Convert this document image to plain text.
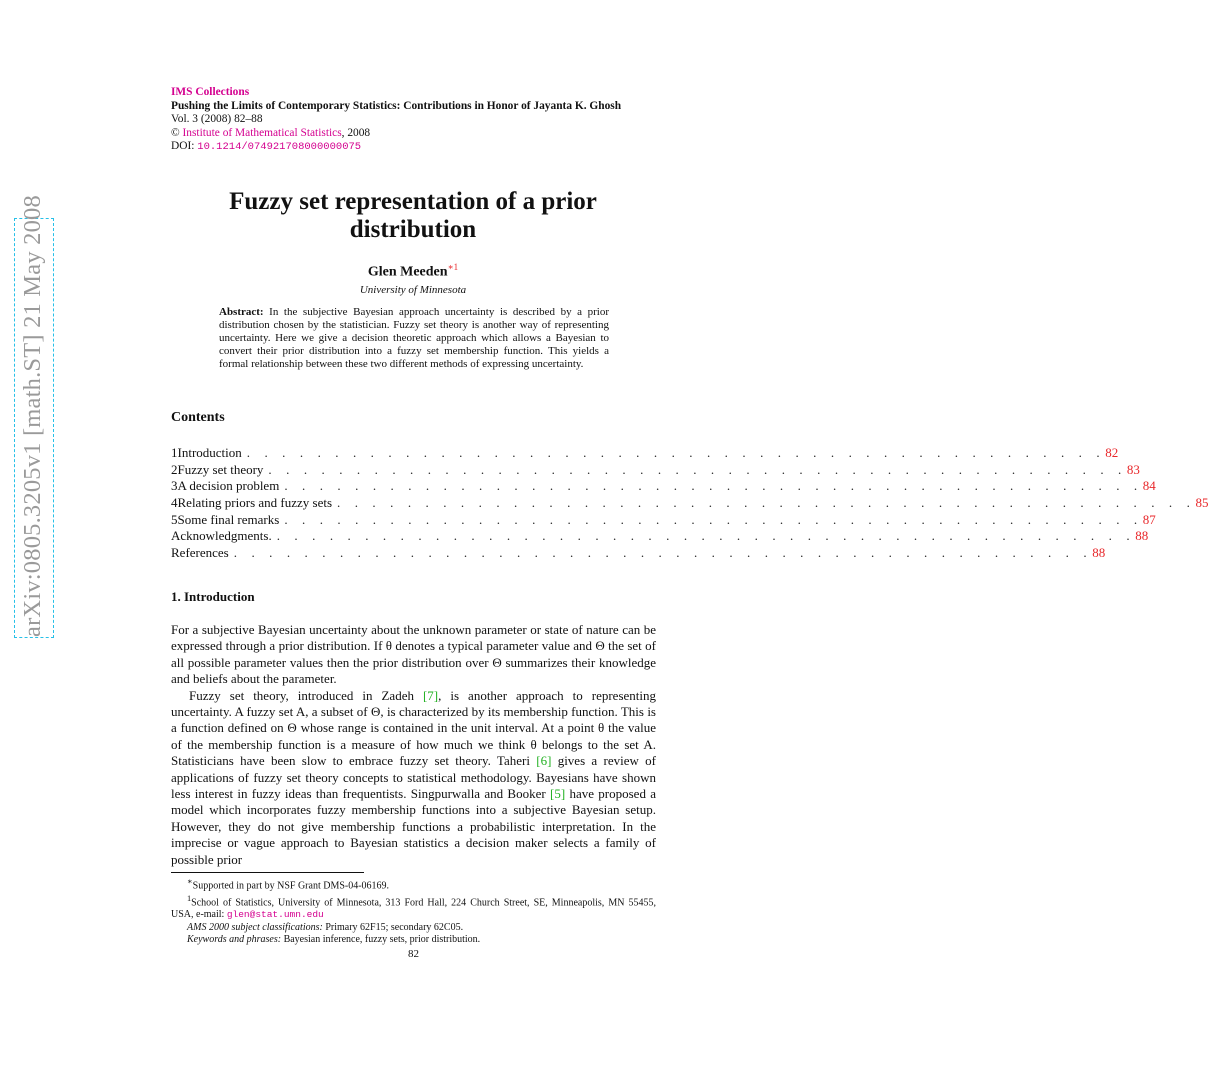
arXiv:0805.3205v1 [math.ST] 21 May 2008
IMS Collections
Pushing the Limits of Contemporary Statistics: Contributions in Honor of Jayanta K. Ghosh
Vol. 3 (2008) 82–88
© Institute of Mathematical Statistics, 2008
DOI: 10.1214/074921708000000075
Fuzzy set representation of a prior distribution
Glen Meeden$^{∗1}$
University of Minnesota
Abstract: In the subjective Bayesian approach uncertainty is described by a prior distribution chosen by the statistician. Fuzzy set theory is another way of representing uncertainty. Here we give a decision theoretic approach which allows a Bayesian to convert their prior distribution into a fuzzy set membership function. This yields a formal relationship between these two different methods of expressing uncertainty.
Contents
1 Introduction . . . . . . . . . . . . . . . . . . . . . . . . . . . . . . . . . . . . . . . . . . . . . . . . . 82
2 Fuzzy set theory . . . . . . . . . . . . . . . . . . . . . . . . . . . . . . . . . . . . . . . . . . . . . . . . . 83
3 A decision problem . . . . . . . . . . . . . . . . . . . . . . . . . . . . . . . . . . . . . . . . . . . . . . . . . 84
4 Relating priors and fuzzy sets . . . . . . . . . . . . . . . . . . . . . . . . . . . . . . . . . . . . . . . . . . . . . . . . . 85
5 Some final remarks . . . . . . . . . . . . . . . . . . . . . . . . . . . . . . . . . . . . . . . . . . . . . . . . . 87
Acknowledgments. . . . . . . . . . . . . . . . . . . . . . . . . . . . . . . . . . . . . . . . . . . . . . . . . . 88
References . . . . . . . . . . . . . . . . . . . . . . . . . . . . . . . . . . . . . . . . . . . . . . . . . 88
1. Introduction

For a subjective Bayesian uncertainty about the unknown parameter or state of nature can be expressed through a prior distribution. If θ denotes a typical parameter value and Θ the set of all possible parameter values then the prior distribution over Θ summarizes their knowledge and beliefs about the parameter.

Fuzzy set theory, introduced in Zadeh [7], is another approach to representing uncertainty. A fuzzy set A, a subset of Θ, is characterized by its membership function. This is a function defined on Θ whose range is contained in the unit interval. At a point θ the value of the membership function is a measure of how much we think θ belongs to the set A. Statisticians have been slow to embrace fuzzy set theory. Taheri [6] gives a review of applications of fuzzy set theory concepts to statistical methodology. Bayesians have shown less interest in fuzzy ideas than frequentists. Singpurwalla and Booker [5] have proposed a model which incorporates fuzzy membership functions into a subjective Bayesian setup. However, they do not give membership functions a probabilistic interpretation. In the imprecise or vague approach to Bayesian statistics a decision maker selects a family of possible prior

∗Supported in part by NSF Grant DMS-04-06169.

$^1$School of Statistics, University of Minnesota, 313 Ford Hall, 224 Church Street, SE, Minneapolis, MN 55455, USA, e-mail: glen@stat.umn.edu

AMS 2000 subject classifications: Primary 62F15; secondary 62C05.

Keywords and phrases: Bayesian inference, fuzzy sets, prior distribution.

82
